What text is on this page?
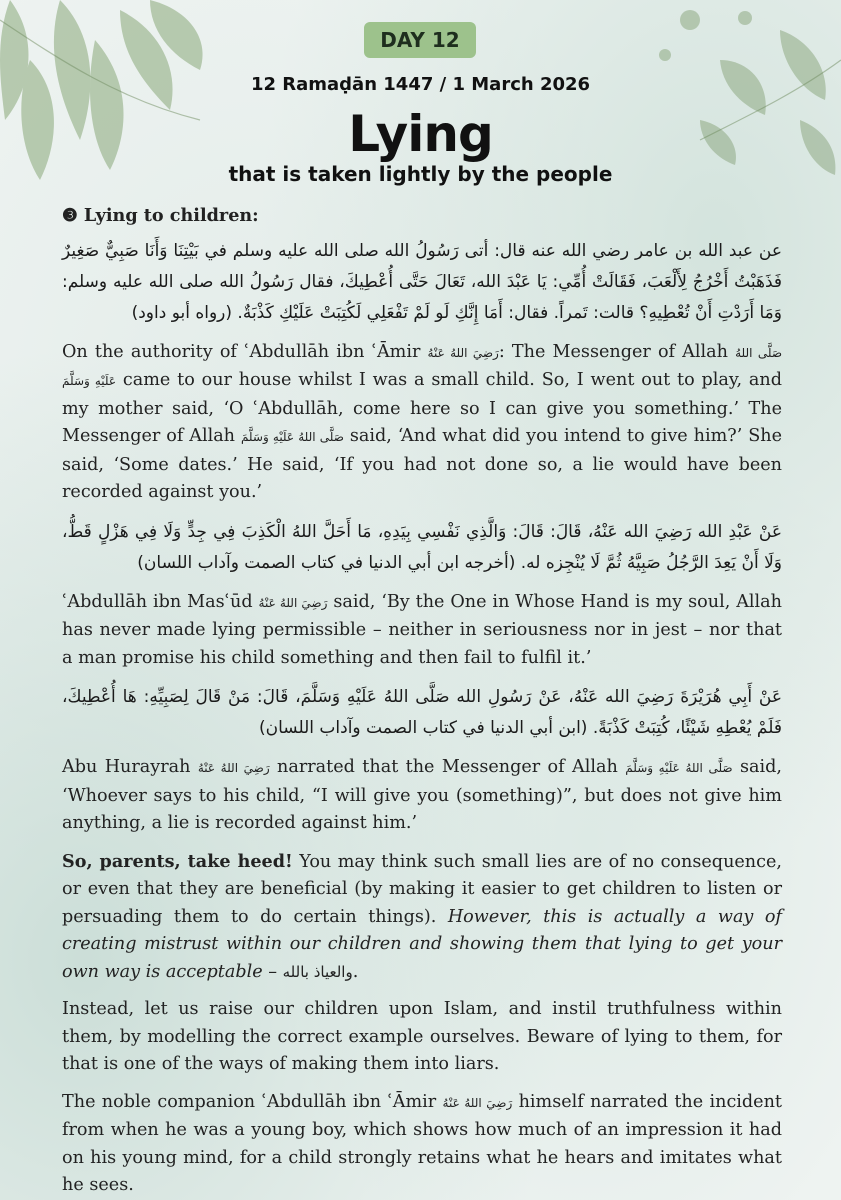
DAY 12
12 Ramaḍān 1447 / 1 March 2026
Lying
that is taken lightly by the people

❸ Lying to children:

عن عبد الله بن عامر رضي الله عنه قال: أتى رَسُولُ الله صلى الله عليه وسلم في بَيْتِنَا وَأَنَا صَبِيٌّ صَغِيرٌ فَذَهَبْتُ أَخْرُجُ لِأَلْعَبَ، فَقَالَتْ أُمِّي: يَا عَبْدَ الله، تَعَالَ حَتَّى أُعْطِيكَ، فقال رَسُولُ الله صلى الله عليه وسلم: وَمَا أَرَدْتِ أَنْ تُعْطِيهِ؟ قالت: تَمراً. فقال: أَمَا إِنَّكِ لَو لَمْ تَفْعَلِي لَكُتِبَتْ عَلَيْكِ كَذْبَةٌ. (رواه أبو داود)

On the authority of ʿAbdullāh ibn ʿĀmir رَضِيَ اللهُ عَنْهُ: The Messenger of Allah صَلَّى اللهُ عَلَيْهِ وَسَلَّمَ came to our house whilst I was a small child. So, I went out to play, and my mother said, ‘O ʿAbdullāh, come here so I can give you something.’ The Messenger of Allah صَلَّى اللهُ عَلَيْهِ وَسَلَّمَ said, ‘And what did you intend to give him?’ She said, ‘Some dates.’ He said, ‘If you had not done so, a lie would have been recorded against you.’

عَنْ عَبْدِ الله رَضِيَ الله عَنْهُ، قَالَ: قَالَ: وَالَّذِي نَفْسِي بِيَدِهِ، مَا أَحَلَّ اللهُ الْكَذِبَ فِي جِدٍّ وَلَا فِي هَزْلٍ قَطُّ، وَلَا أَنْ يَعِدَ الرَّجُلُ صَبِيَّهُ ثُمَّ لَا يُنْجِزه له. (أخرجه ابن أبي الدنيا في كتاب الصمت وآداب اللسان)

ʿAbdullāh ibn Masʿūd رَضِيَ اللهُ عَنْهُ said, ‘By the One in Whose Hand is my soul, Allah has never made lying permissible – neither in seriousness nor in jest – nor that a man promise his child something and then fail to fulfil it.’

عَنْ أَبِي هُرَيْرَةَ رَضِيَ الله عَنْهُ، عَنْ رَسُولِ الله صَلَّى اللهُ عَلَيْهِ وَسَلَّمَ، قَالَ: مَنْ قَالَ لِصَبِيِّهِ: هَا أُعْطِيكَ، فَلَمْ يُعْطِهِ شَيْئًا، كُتِبَتْ كَذْبَةً. (ابن أبي الدنيا في كتاب الصمت وآداب اللسان)

Abu Hurayrah رَضِيَ اللهُ عَنْهُ narrated that the Messenger of Allah صَلَّى اللهُ عَلَيْهِ وَسَلَّمَ said, ‘Whoever says to his child, “I will give you (something)”, but does not give him anything, a lie is recorded against him.’

So, parents, take heed! You may think such small lies are of no consequence, or even that they are beneficial (by making it easier to get children to listen or persuading them to do certain things). However, this is actually a way of creating mistrust within our children and showing them that lying to get your own way is acceptable – والعياذ بالله.

Instead, let us raise our children upon Islam, and instil truthfulness within them, by modelling the correct example ourselves. Beware of lying to them, for that is one of the ways of making them into liars.

The noble companion ʿAbdullāh ibn ʿĀmir رَضِيَ اللهُ عَنْهُ himself narrated the incident from when he was a young boy, which shows how much of an impression it had on his young mind, for a child strongly retains what he hears and imitates what he sees.
